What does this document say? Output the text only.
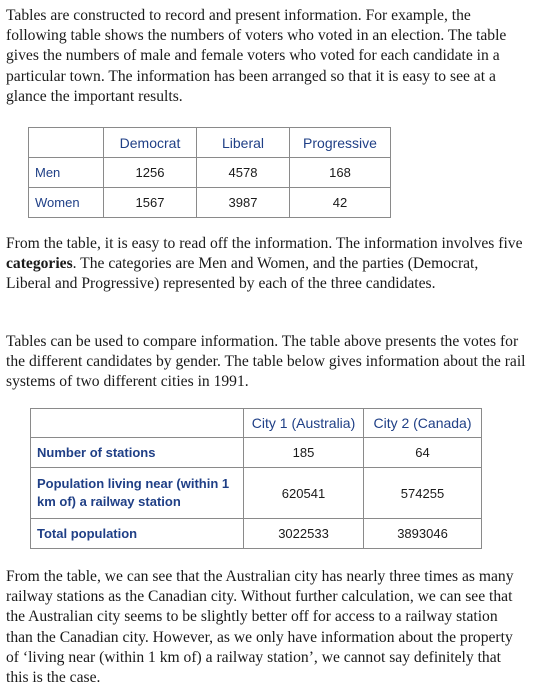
Tables are constructed to record and present information. For example, the following table shows the numbers of voters who voted in an election. The table gives the numbers of male and female voters who voted for each candidate in a particular town. The information has been arranged so that it is easy to see at a glance the important results.

	Democrat	Liberal	Progressive
Men	1256	4578	168
Women	1567	3987	42

From the table, it is easy to read off the information. The information involves five categories. The categories are Men and Women, and the parties (Democrat, Liberal and Progressive) represented by each of the three candidates.

Tables can be used to compare information. The table above presents the votes for the different candidates by gender. The table below gives information about the rail systems of two different cities in 1991.

	City 1 (Australia)	City 2 (Canada)
Number of stations	185	64
Population living near (within 1 km of) a railway station	620541	574255
Total population	3022533	3893046

From the table, we can see that the Australian city has nearly three times as many railway stations as the Canadian city. Without further calculation, we can see that the Australian city seems to be slightly better off for access to a railway station than the Canadian city. However, as we only have information about the property of ‘living near (within 1 km of) a railway station’, we cannot say definitely that this is the case.
